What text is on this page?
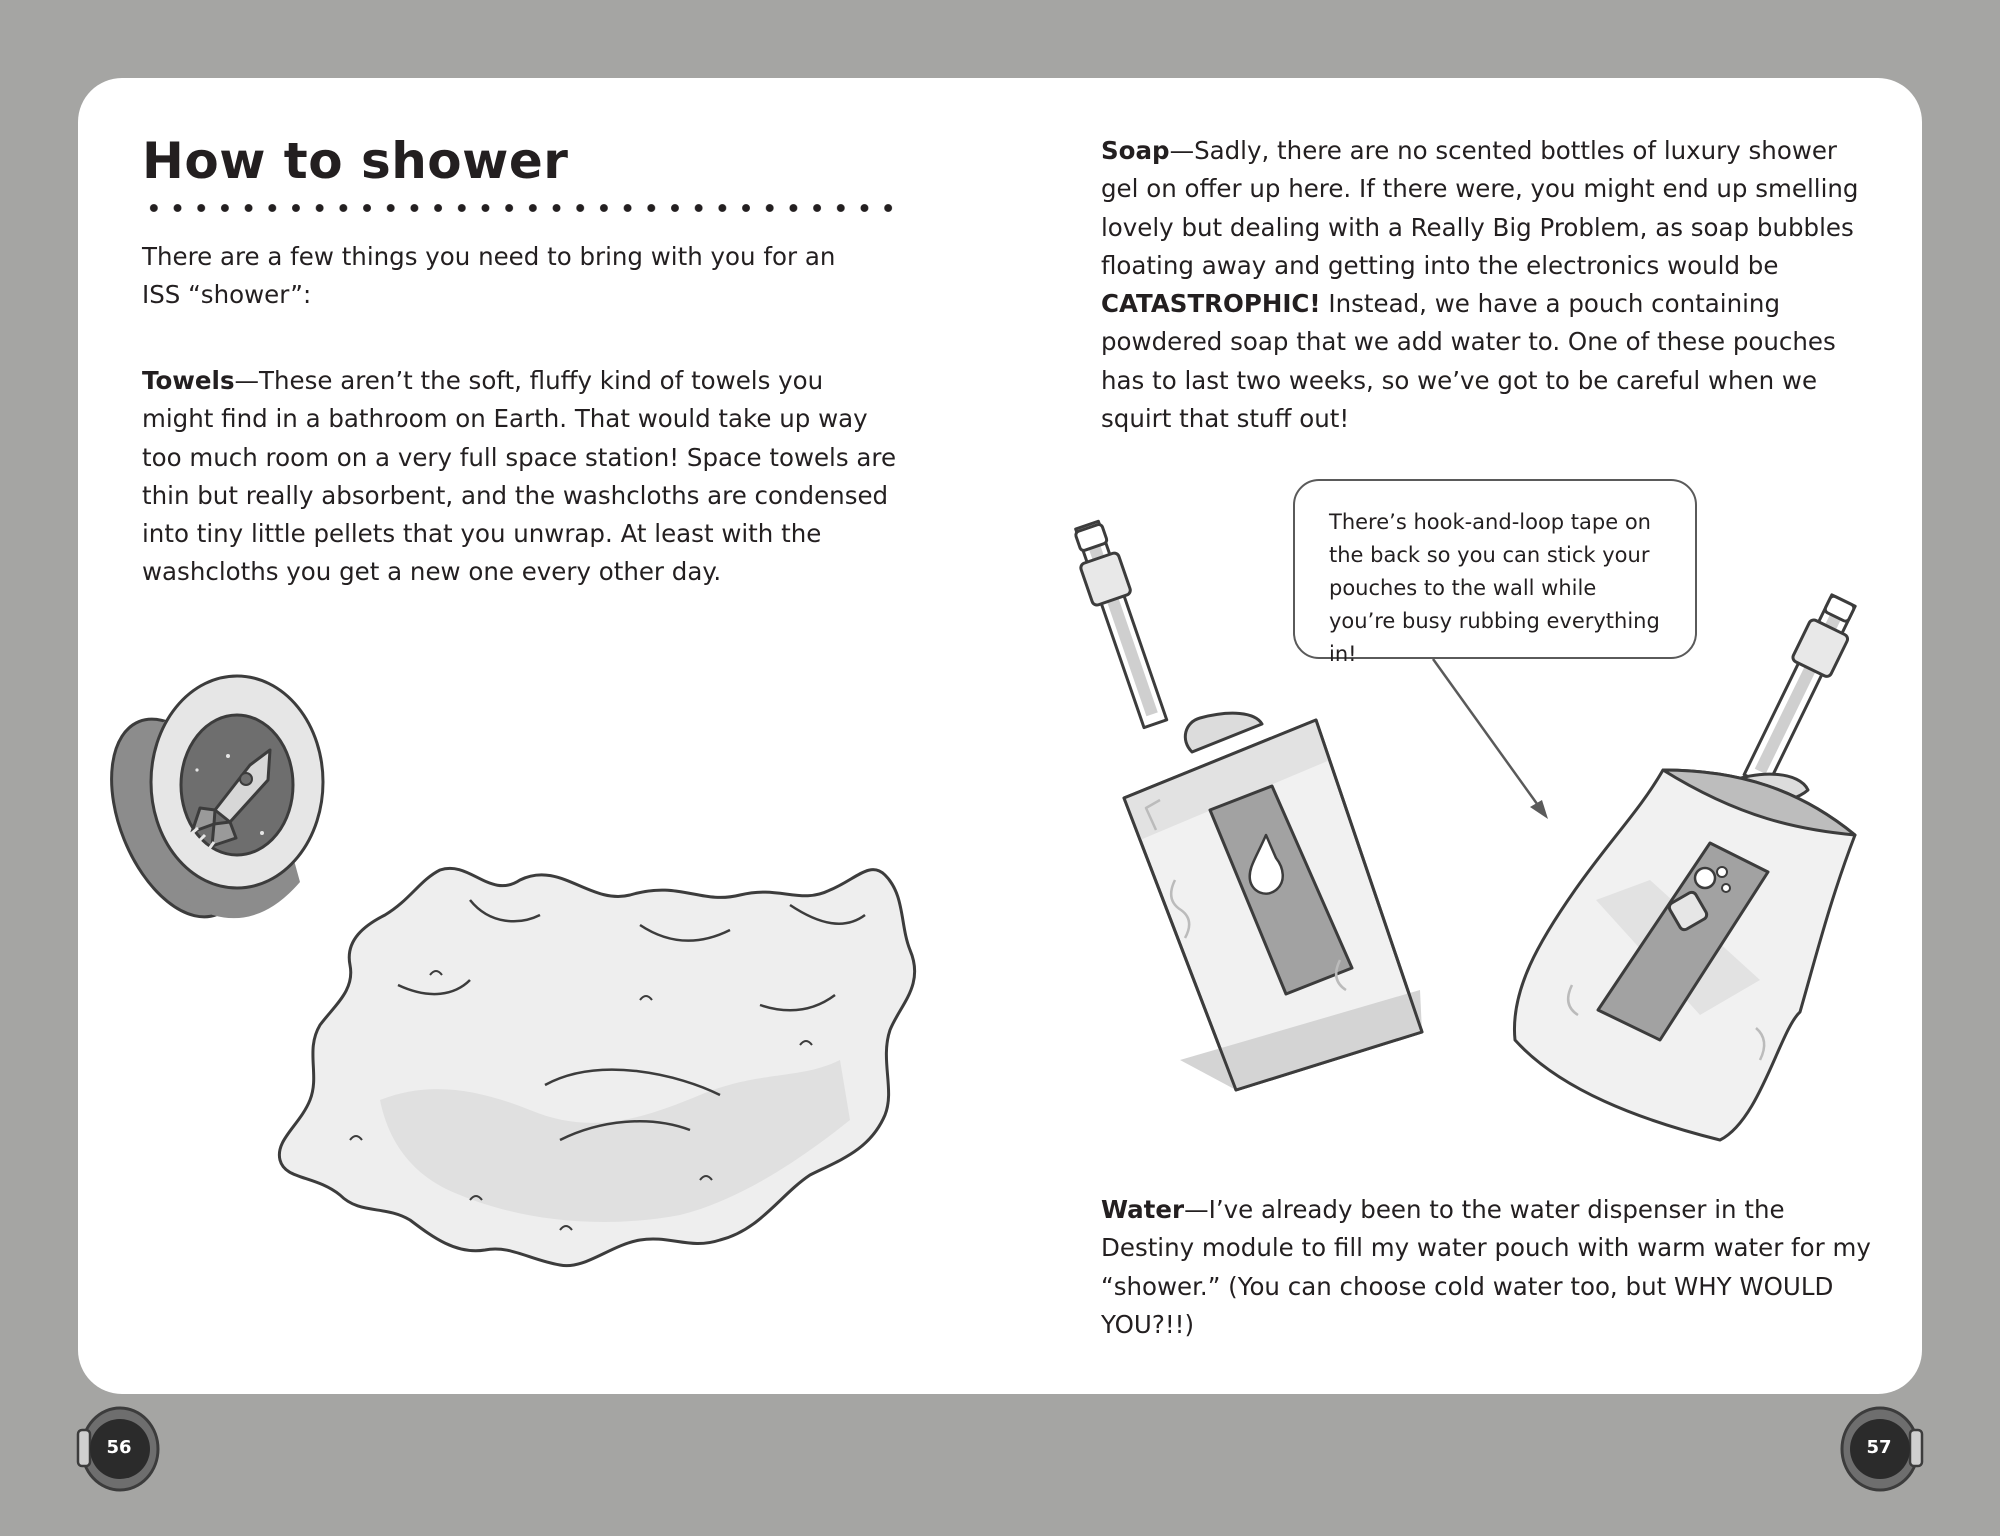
How to shower

There are a few things you need to bring with you for an ISS “shower”:

Towels—These aren’t the soft, fluffy kind of towels you might find in a bathroom on Earth. That would take up way too much room on a very full space station! Space towels are thin but really absorbent, and the washcloths are condensed into tiny little pellets that you unwrap. At least with the washcloths you get a new one every other day.

Soap—Sadly, there are no scented bottles of luxury shower gel on offer up here. If there were, you might end up smelling lovely but dealing with a Really Big Problem, as soap bubbles floating away and getting into the electronics would be CATASTROPHIC! Instead, we have a pouch containing powdered soap that we add water to. One of these pouches has to last two weeks, so we’ve got to be careful when we squirt that stuff out!

There’s hook-and-loop tape on the back so you can stick your pouches to the wall while you’re busy rubbing everything in!

Water—I’ve already been to the water dispenser in the Destiny module to fill my water pouch with warm water for my “shower.” (You can choose cold water too, but WHY WOULD YOU?!!)

56	57
